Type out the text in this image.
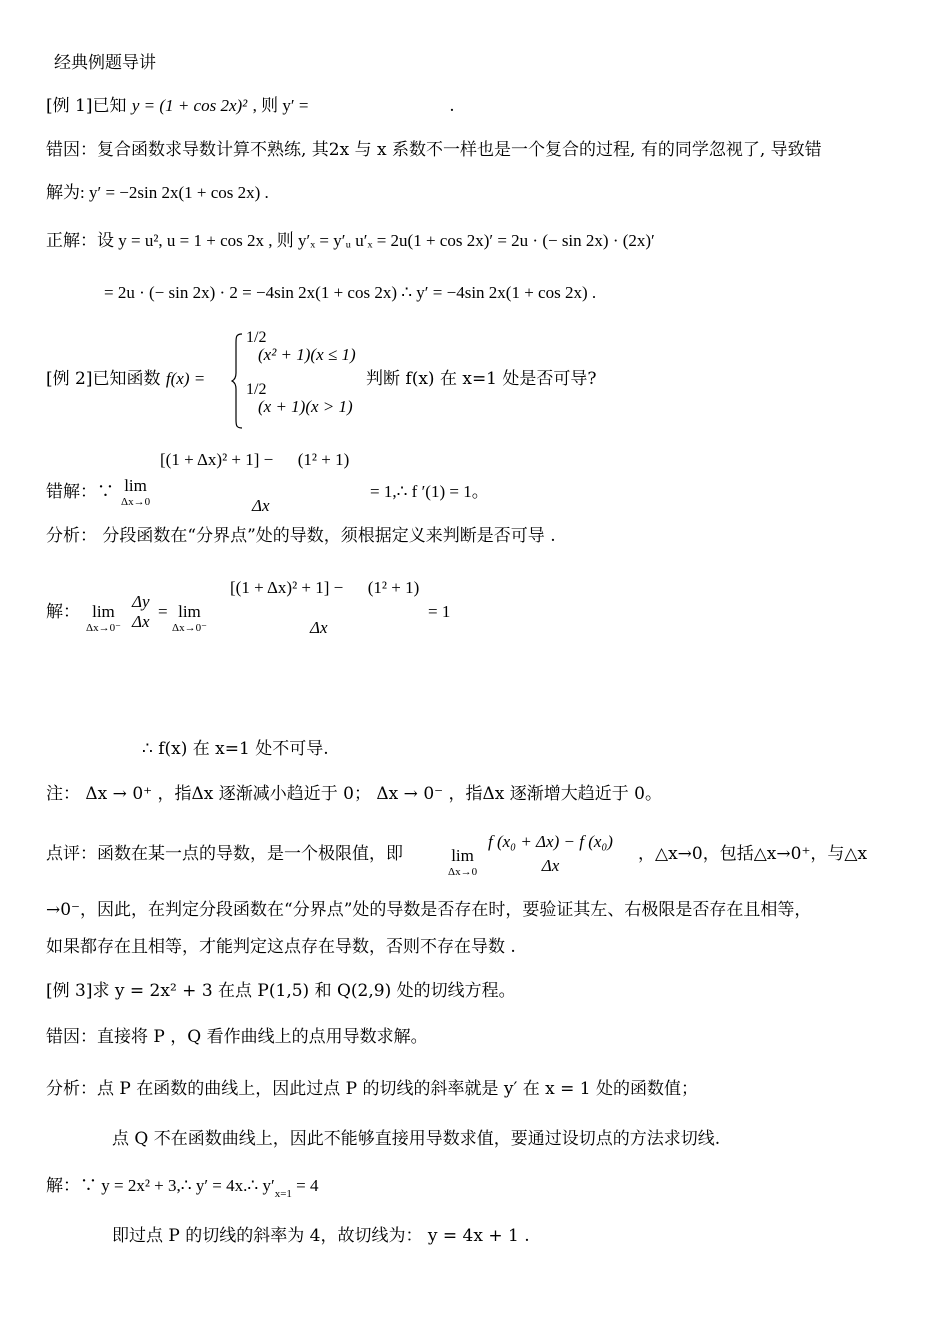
经典例题导讲
[例 1]已知 y = (1 + cos 2x)² , 则 y′ =	.
错因：复合函数求导数计算不熟练, 其2x 与 x 系数不一样也是一个复合的过程, 有的同学忽视了, 导致错
解为: y′ = −2sin 2x(1 + cos 2x) .
正解：设 y = u², u = 1 + cos 2x , 则 y′ₓ = y′ᵤ u′ₓ = 2u(1 + cos 2x)′ = 2u · (− sin 2x) · (2x)′
= 2u · (− sin 2x) · 2 = −4sin 2x(1 + cos 2x) ∴ y′ = −4sin 2x(1 + cos 2x) .
[例 2]已知函数 f(x) =
1/2
(x² + 1)(x ≤ 1)
1/2
(x + 1)(x > 1)
判断 f(x) 在 x=1 处是否可导?
错解：∵ lim
Δx→0
[(1 + Δx)² + 1] − (1² + 1)
Δx
= 1,∴ f ′(1) = 1。
分析： 分段函数在“分界点”处的导数，须根据定义来判断是否可导 .
解： lim
Δx→0⁻
Δy
Δx
= lim
Δx→0⁻
[(1 + Δx)² + 1] − (1² + 1)
Δx
= 1
∴ f(x) 在 x=1 处不可导.
注： Δx → 0⁺ ，指Δx 逐渐减小趋近于 0； Δx → 0⁻ ，指Δx 逐渐增大趋近于 0。
点评：函数在某一点的导数，是一个极限值，即	lim
Δx→0
f (x₀ + Δx) − f (x₀)
Δx
，△x→0，包括△x→0⁺，与△x
→0⁻，因此，在判定分段函数在“分界点”处的导数是否存在时，要验证其左、右极限是否存在且相等，
如果都存在且相等，才能判定这点存在导数，否则不存在导数 .
[例 3]求 y = 2x² + 3 在点 P(1,5) 和 Q(2,9) 处的切线方程。
错因：直接将 P ，Q 看作曲线上的点用导数求解。
分析：点 P 在函数的曲线上，因此过点 P 的切线的斜率就是 y′ 在 x = 1 处的函数值；
点 Q 不在函数曲线上，因此不能够直接用导数求值，要通过设切点的方法求切线.
解：∵ y = 2x² + 3,∴ y′ = 4x.∴ $y'_{x=1} = 4$
即过点 P 的切线的斜率为 4，故切线为： y = 4x + 1 .
